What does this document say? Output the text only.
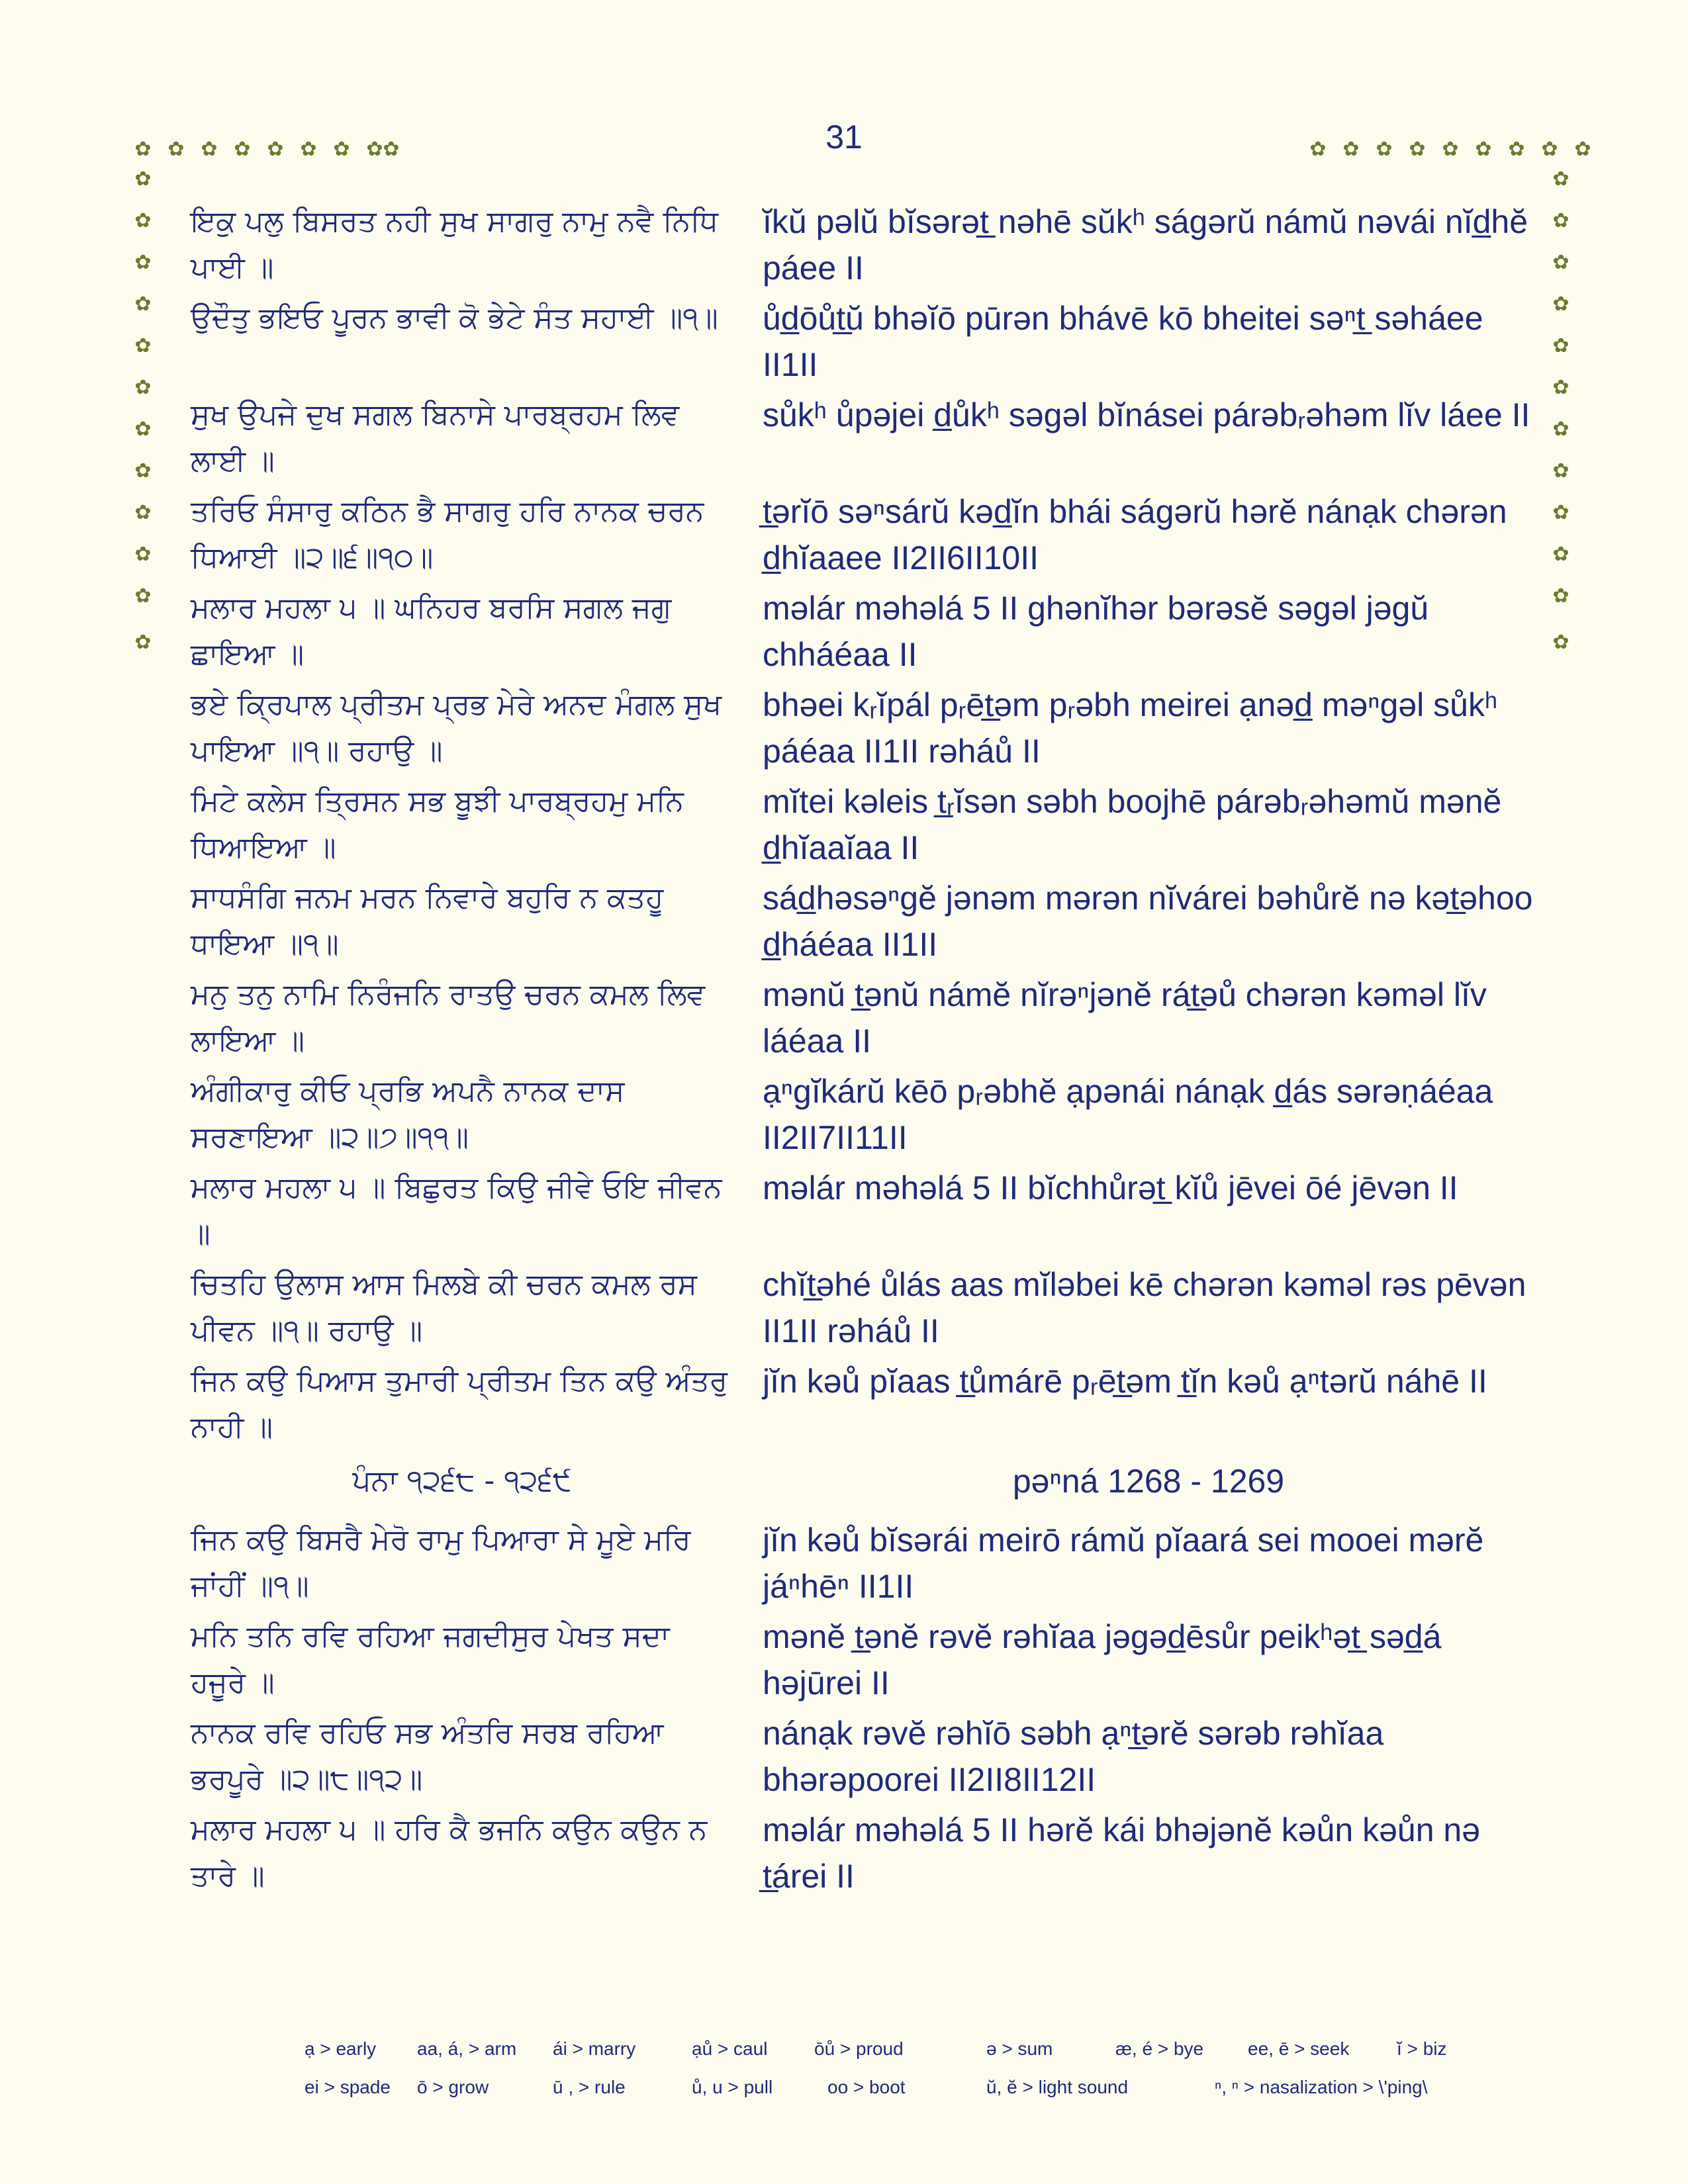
31
✿ ✿ ✿ ✿ ✿ ✿ ✿ ✿ ✿	✿ ✿ ✿ ✿ ✿ ✿ ✿ ✿ ✿
✿
✿
✿
✿
✿
✿
✿
✿
✿
✿
✿
✿
✿
✿
✿
✿
✿
✿
✿
✿
✿
✿
✿
✿
ਇਕੁ ਪਲੁ ਬਿਸਰਤ ਨਹੀ ਸੁਖ ਸਾਗਰੁ ਨਾਮੁ ਨਵੈ ਨਿਧਿ ਪਾਈ ॥
ĭkŭ pəlŭ bĭsərət̲ nəhē sŭkʰ ságərŭ námŭ nəvái nĭd̲hĕ páee II
ਉਦੌਤੁ ਭਇਓ ਪੂਰਨ ਭਾਵੀ ਕੋ ਭੇਟੇ ਸੰਤ ਸਹਾਈ ॥੧॥	ůd̲ōůt̲ŭ bhəĭō pūrən bhávē kō bheitei səⁿt̲ səháee II1II
ਸੁਖ ਉਪਜੇ ਦੁਖ ਸਗਲ ਬਿਨਾਸੇ ਪਾਰਬ੍ਰਹਮ ਲਿਵ ਲਾਈ ॥
sůkʰ ůpəjei d̲ůkʰ səgəl bĭnásei párəbᵣəhəm lĭv láee II
ਤਰਿਓ ਸੰਸਾਰੁ ਕਠਿਨ ਭੈ ਸਾਗਰੁ ਹਰਿ ਨਾਨਕ ਚਰਨ ਧਿਆਈ ॥੨॥੬॥੧੦॥
t̲ərĭō səⁿsárŭ kəd̲ĭn bhái ságərŭ hərĕ nánạk chərən d̲hĭaaee II2II6II10II
ਮਲਾਰ ਮਹਲਾ ੫ ॥ ਘਨਿਹਰ ਬਰਸਿ ਸਗਲ ਜਗੁ ਛਾਇਆ ॥
məlár məhəlá 5 II ghənĭhər bərəsĕ səgəl jəgŭ chháéaa II
ਭਏ ਕ੍ਰਿਪਾਲ ਪ੍ਰੀਤਮ ਪ੍ਰਭ ਮੇਰੇ ਅਨਦ ਮੰਗਲ ਸੁਖ ਪਾਇਆ ॥੧॥ ਰਹਾਉ ॥
bhəei kᵣĭpál pᵣēt̲əm pᵣəbh meirei ạnəd̲ məⁿgəl sůkʰ páéaa II1II rəháů II
ਮਿਟੇ ਕਲੇਸ ਤ੍ਰਿਸਨ ਸਭ ਬੂਝੀ ਪਾਰਬ੍ਰਹਮੁ ਮਨਿ ਧਿਆਇਆ ॥
mĭtei kəleis t̲ᵣĭsən səbh boojhē párəbᵣəhəmŭ mənĕ d̲hĭaaĭaa II
ਸਾਧਸੰਗਿ ਜਨਮ ਮਰਨ ਨਿਵਾਰੇ ਬਹੁਰਿ ਨ ਕਤਹੂ ਧਾਇਆ ॥੧॥
sád̲həsəⁿgĕ jənəm mərən nĭvárei bəhůrĕ nə kət̲əhoo d̲háéaa II1II
ਮਨੁ ਤਨੁ ਨਾਮਿ ਨਿਰੰਜਨਿ ਰਾਤਉ ਚਰਨ ਕਮਲ ਲਿਵ ਲਾਇਆ ॥
mənŭ t̲ənŭ námĕ nĭrəⁿjənĕ rát̲əů chərən kəməl lĭv láéaa II
ਅੰਗੀਕਾਰੁ ਕੀਓ ਪ੍ਰਭਿ ਅਪਨੈ ਨਾਨਕ ਦਾਸ ਸਰਣਾਇਆ ॥੨॥੭॥੧੧॥
ạⁿgĭkárŭ kēō pᵣəbhĕ ạpənái nánạk d̲ás sərəṇáéaa II2II7II11II
ਮਲਾਰ ਮਹਲਾ ੫ ॥ ਬਿਛੁਰਤ ਕਿਉ ਜੀਵੇ ਓਇ ਜੀਵਨ ॥
məlár məhəlá 5 II bĭchhůrət̲ kĭů jēvei ōé jēvən II
ਚਿਤਹਿ ਉਲਾਸ ਆਸ ਮਿਲਬੇ ਕੀ ਚਰਨ ਕਮਲ ਰਸ ਪੀਵਨ ॥੧॥ ਰਹਾਉ ॥
chĭt̲əhé ůlás aas mĭləbei kē chərən kəməl rəs pēvən II1II rəháů II
ਜਿਨ ਕਉ ਪਿਆਸ ਤੁਮਾਰੀ ਪ੍ਰੀਤਮ ਤਿਨ ਕਉ ਅੰਤਰੁ ਨਾਹੀ ॥
jĭn kəů pĭaas t̲ůmárē pᵣēt̲əm t̲ĭn kəů ạⁿtərŭ náhē II
ਪੰਨਾ ੧੨੬੮ - ੧੨੬੯	pəⁿná 1268 - 1269
ਜਿਨ ਕਉ ਬਿਸਰੈ ਮੇਰੋ ਰਾਮੁ ਪਿਆਰਾ ਸੇ ਮੂਏ ਮਰਿ ਜਾਂਹੀਂ ॥੧॥
jĭn kəů bĭsərái meirō rámŭ pĭaará sei mooei mərĕ jáⁿhēⁿ II1II
ਮਨਿ ਤਨਿ ਰਵਿ ਰਹਿਆ ਜਗਦੀਸੁਰ ਪੇਖਤ ਸਦਾ ਹਜੂਰੇ ॥
mənĕ t̲ənĕ rəvĕ rəhĭaa jəgəd̲ēsůr peikʰət̲ səd̲á həjūrei II
ਨਾਨਕ ਰਵਿ ਰਹਿਓ ਸਭ ਅੰਤਰਿ ਸਰਬ ਰਹਿਆ ਭਰਪੂਰੇ ॥੨॥੮॥੧੨॥
nánạk rəvĕ rəhĭō səbh ạⁿt̲ərĕ sərəb rəhĭaa bhərəpoorei II2II8II12II
ਮਲਾਰ ਮਹਲਾ ੫ ॥ ਹਰਿ ਕੈ ਭਜਨਿ ਕਉਨ ਕਉਨ ਨ ਤਾਰੇ ॥
məlár məhəlá 5 II hərĕ kái bhəjənĕ kəůn kəůn nə t̲árei II
ạ > early aa, á, > arm ái > marry	ạů > caul	ōů > proud	ə > sum	æ, é > bye ee, ē > seek	ĭ > biz
ei > spade ō > grow	ū , > rule	ů, u > pull	oo > boot	ŭ, ĕ > light sound	ⁿ, ⁿ > nasalization > \'ping\
